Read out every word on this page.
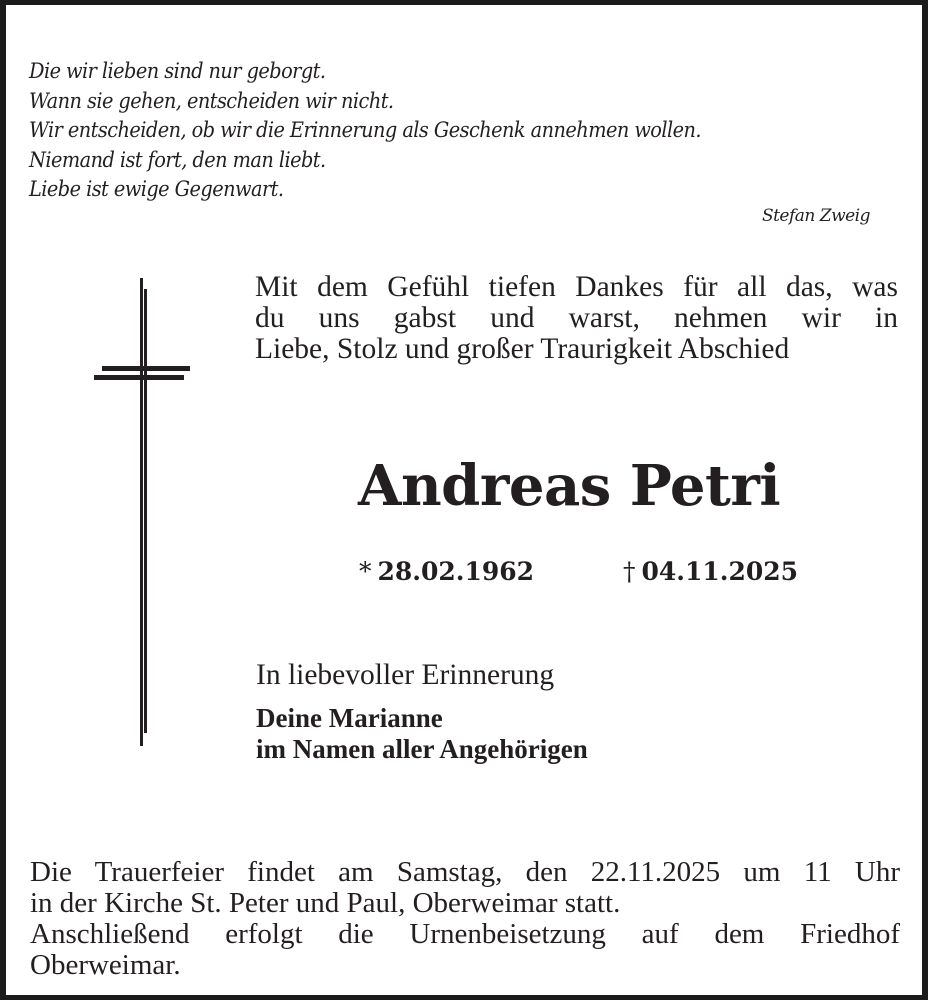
Die wir lieben sind nur geborgt.
Wann sie gehen, entscheiden wir nicht.
Wir entscheiden, ob wir die Erinnerung als Geschenk annehmen wollen.
Niemand ist fort, den man liebt.
Liebe ist ewige Gegenwart.
Stefan Zweig
Mit dem Gefühl tiefen Dankes für all das, was
du uns gabst und warst, nehmen wir in
Liebe, Stolz und großer Traurigkeit Abschied
Andreas Petri
* 28.02.1962	† 04.11.2025
In liebevoller Erinnerung
Deine Marianne
im Namen aller Angehörigen
Die Trauerfeier findet am Samstag, den 22.11.2025 um 11 Uhr
in der Kirche St. Peter und Paul, Oberweimar statt.
Anschließend erfolgt die Urnenbeisetzung auf dem Friedhof
Oberweimar.
